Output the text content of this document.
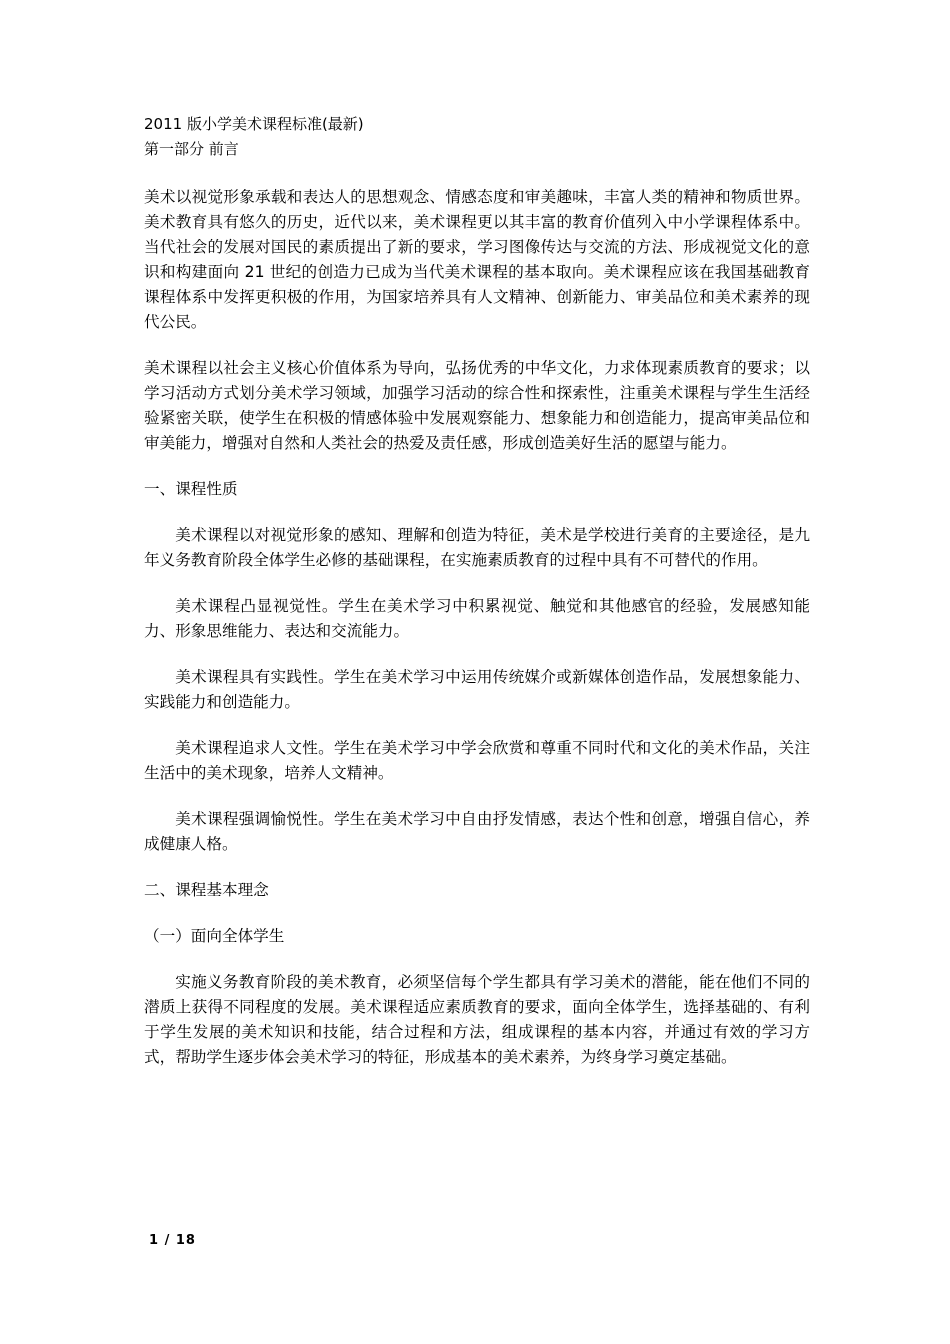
2011 版小学美术课程标准(最新)

第一部分 前言

美术以视觉形象承载和表达人的思想观念、情感态度和审美趣味，丰富人类的精神和物质世界。美术教育具有悠久的历史，近代以来，美术课程更以其丰富的教育价值列入中小学课程体系中。当代社会的发展对国民的素质提出了新的要求，学习图像传达与交流的方法、形成视觉文化的意识和构建面向 21 世纪的创造力已成为当代美术课程的基本取向。美术课程应该在我国基础教育课程体系中发挥更积极的作用，为国家培养具有人文精神、创新能力、审美品位和美术素养的现代公民。

美术课程以社会主义核心价值体系为导向，弘扬优秀的中华文化，力求体现素质教育的要求；以学习活动方式划分美术学习领域，加强学习活动的综合性和探索性，注重美术课程与学生生活经验紧密关联，使学生在积极的情感体验中发展观察能力、想象能力和创造能力，提高审美品位和审美能力，增强对自然和人类社会的热爱及责任感，形成创造美好生活的愿望与能力。

一、课程性质

美术课程以对视觉形象的感知、理解和创造为特征，美术是学校进行美育的主要途径，是九年义务教育阶段全体学生必修的基础课程，在实施素质教育的过程中具有不可替代的作用。

美术课程凸显视觉性。学生在美术学习中积累视觉、触觉和其他感官的经验，发展感知能力、形象思维能力、表达和交流能力。

美术课程具有实践性。学生在美术学习中运用传统媒介或新媒体创造作品，发展想象能力、实践能力和创造能力。

美术课程追求人文性。学生在美术学习中学会欣赏和尊重不同时代和文化的美术作品，关注生活中的美术现象，培养人文精神。

美术课程强调愉悦性。学生在美术学习中自由抒发情感，表达个性和创意，增强自信心，养成健康人格。

二、课程基本理念

（一）面向全体学生

实施义务教育阶段的美术教育，必须坚信每个学生都具有学习美术的潜能，能在他们不同的潜质上获得不同程度的发展。美术课程适应素质教育的要求，面向全体学生，选择基础的、有利于学生发展的美术知识和技能，结合过程和方法，组成课程的基本内容，并通过有效的学习方式，帮助学生逐步体会美术学习的特征，形成基本的美术素养，为终身学习奠定基础。

1 / 18
